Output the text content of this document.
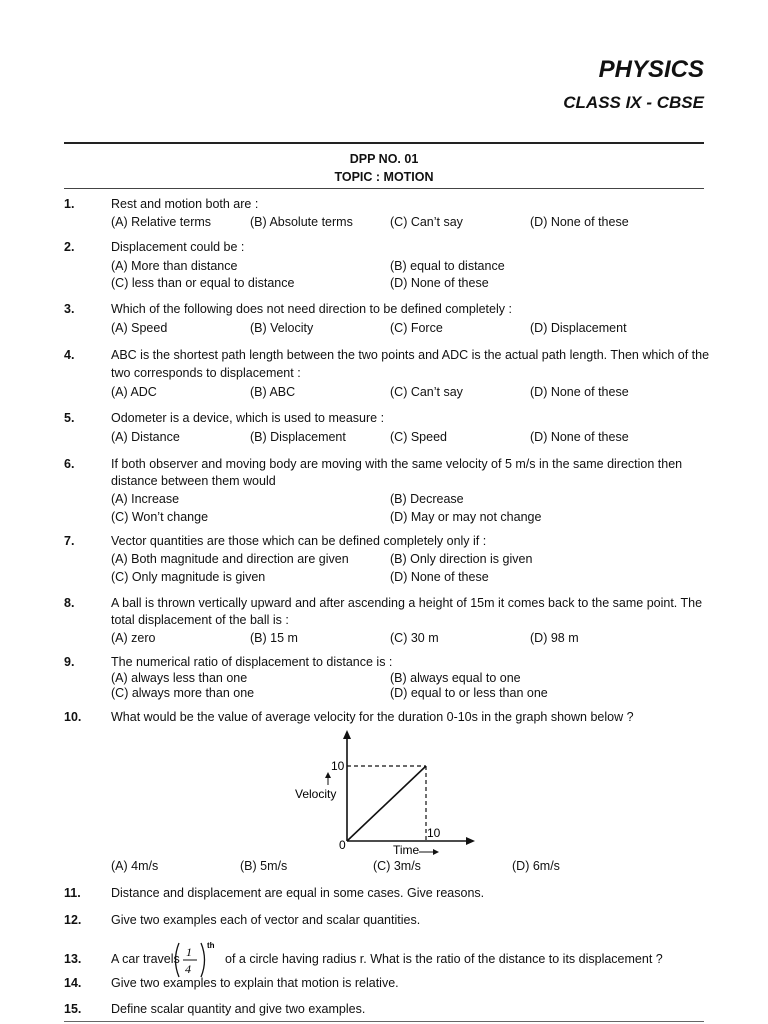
PHYSICS
CLASS IX - CBSE
DPP NO. 01
TOPIC : MOTION
1.	Rest and motion both are :
(A) Relative terms	(B) Absolute terms	(C) Can’t say	(D) None of these
2.	Displacement could be :
(A) More than distance	(B) equal to distance
(C) less than or equal to distance	(D) None of these
3.	Which of the following does not need direction to be defined completely :
(A) Speed	(B) Velocity	(C) Force	(D) Displacement
4.	ABC is the shortest path length between the two points and ADC is the actual path length. Then which of the
two corresponds to displacement :
(A) ADC	(B) ABC	(C) Can’t say	(D) None of these
5.	Odometer is a device, which is used to measure :
(A) Distance	(B) Displacement	(C) Speed	(D) None of these
6.	If both observer and moving body are moving with the same velocity of 5 m/s in the same direction then
distance between them would
(A) Increase	(B) Decrease
(C) Won’t change	(D) May or may not change
7.	Vector quantities are those which can be defined completely only if :
(A) Both magnitude and direction are given	(B) Only direction is given
(C) Only magnitude is given	(D) None of these
8.	A ball is thrown vertically upward and after ascending a height of 15m it comes back to the same point. The
total displacement of the ball is :
(A) zero	(B) 15 m	(C) 30 m	(D) 98 m
9.	The numerical ratio of displacement to distance is :
(A) always less than one	(B) always equal to one
(C) always more than one	(D) equal to or less than one
10. What would be the value of average velocity for the duration 0-10s in the graph shown below ?
10
10
0
Velocity
Time
(A) 4m/s	(B) 5m/s	(C) 3m/s	(D) 6m/s
11. Distance and displacement are equal in some cases. Give reasons.
12. Give two examples each of vector and scalar quantities.
13. A car travels 1
4
th
of a circle having radius r. What is the ratio of the distance to its displacement ?
14. Give two examples to explain that motion is relative.
15. Define scalar quantity and give two examples.
